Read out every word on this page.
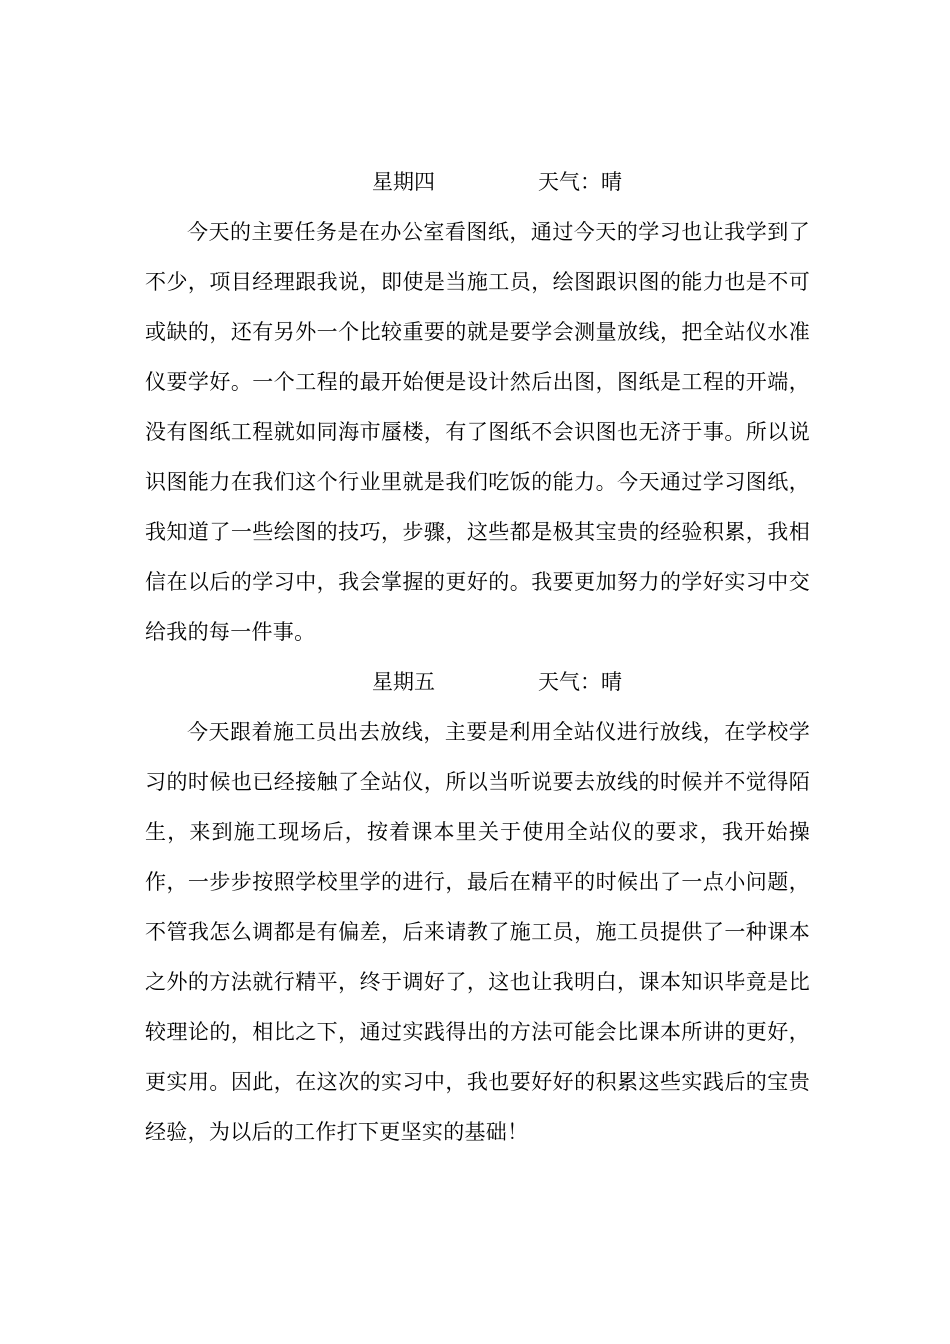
星期四	天气：晴

今天的主要任务是在办公室看图纸，通过今天的学习也让我学到了不少，项目经理跟我说，即使是当施工员，绘图跟识图的能力也是不可或缺的，还有另外一个比较重要的就是要学会测量放线，把全站仪水准仪要学好。一个工程的最开始便是设计然后出图，图纸是工程的开端，没有图纸工程就如同海市蜃楼，有了图纸不会识图也无济于事。所以说识图能力在我们这个行业里就是我们吃饭的能力。今天通过学习图纸，我知道了一些绘图的技巧，步骤，这些都是极其宝贵的经验积累，我相信在以后的学习中，我会掌握的更好的。我要更加努力的学好实习中交给我的每一件事。

星期五	天气：晴

今天跟着施工员出去放线，主要是利用全站仪进行放线，在学校学习的时候也已经接触了全站仪，所以当听说要去放线的时候并不觉得陌生，来到施工现场后，按着课本里关于使用全站仪的要求，我开始操作，一步步按照学校里学的进行，最后在精平的时候出了一点小问题，不管我怎么调都是有偏差，后来请教了施工员，施工员提供了一种课本之外的方法就行精平，终于调好了，这也让我明白，课本知识毕竟是比较理论的，相比之下，通过实践得出的方法可能会比课本所讲的更好，更实用。因此，在这次的实习中，我也要好好的积累这些实践后的宝贵经验，为以后的工作打下更坚实的基础！
